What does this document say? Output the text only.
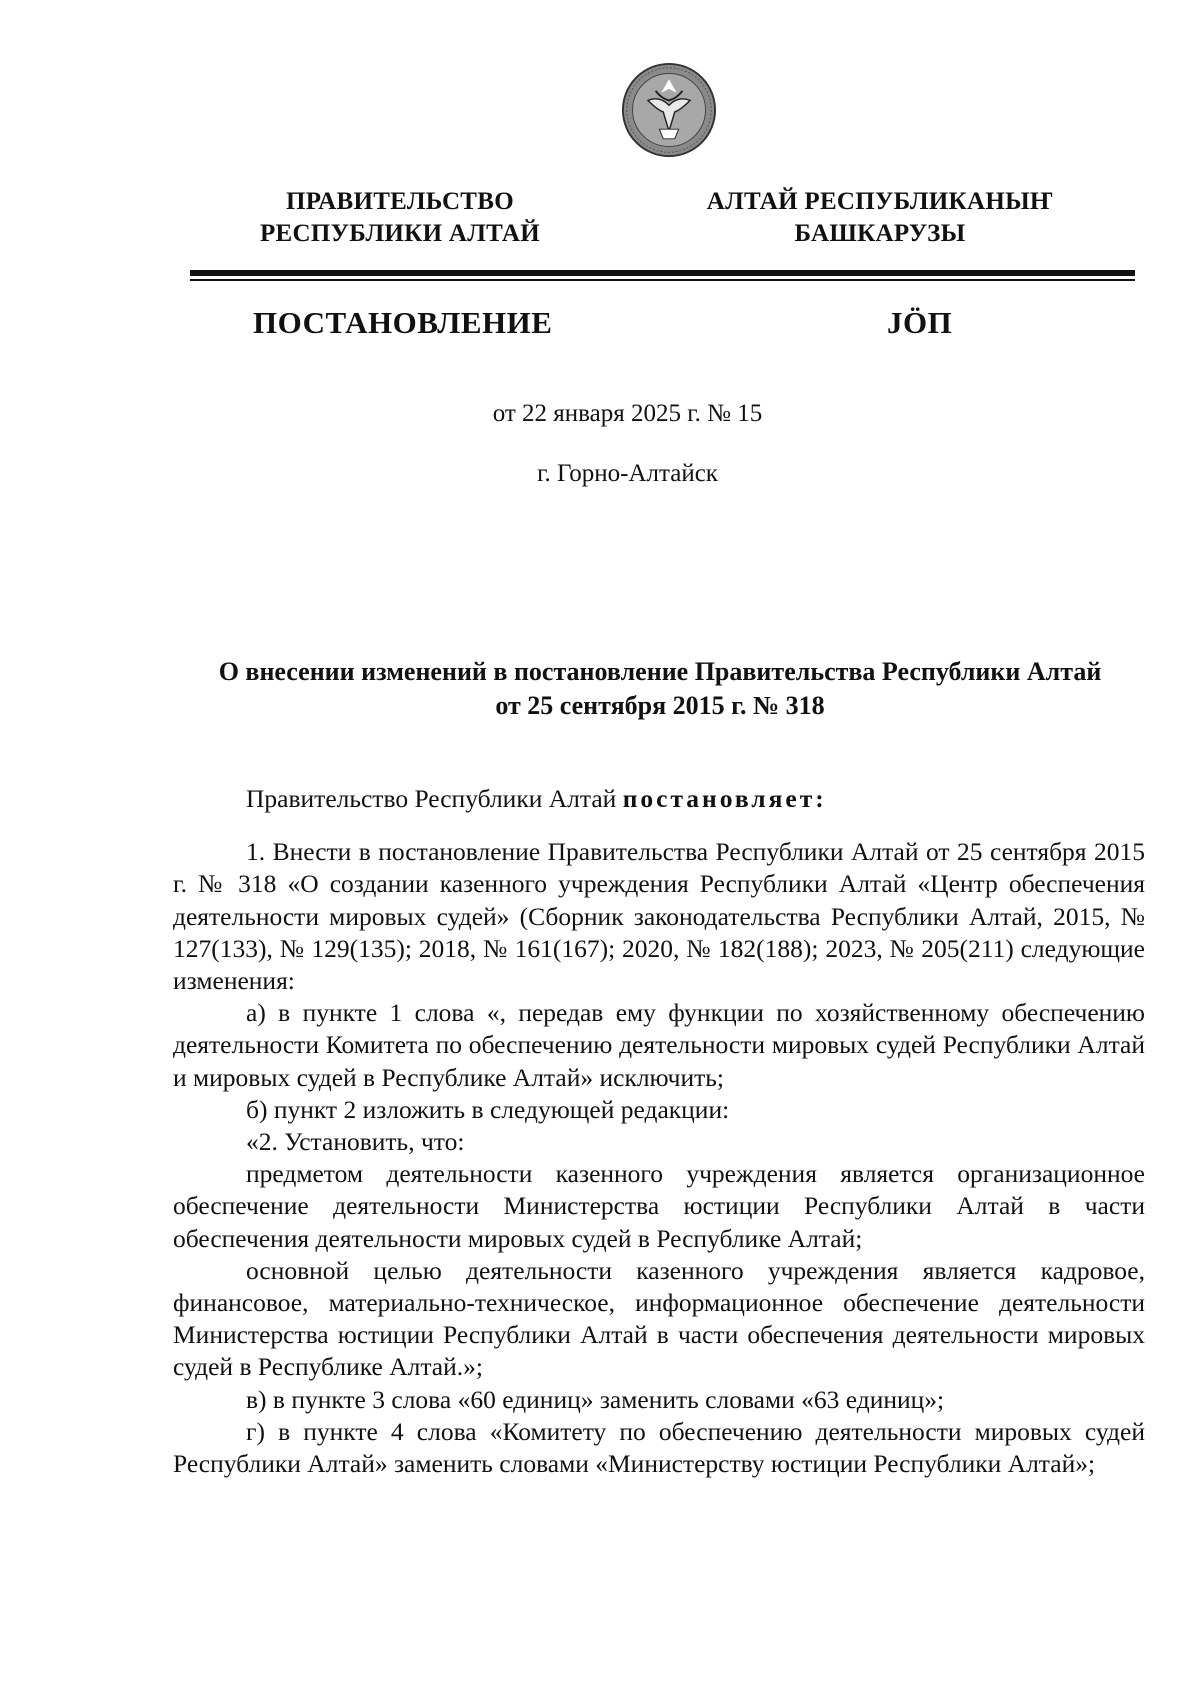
ПРАВИТЕЛЬСТВО
РЕСПУБЛИКИ АЛТАЙ
АЛТАЙ РЕСПУБЛИКАНЫҤ
БАШКАРУЗЫ
ПОСТАНОВЛЕНИЕ	JÖП
от 22 января 2025 г. № 15
г. Горно-Алтайск
О внесении изменений в постановление Правительства Республики Алтай
от 25 сентября 2015 г. № 318

Правительство Республики Алтай постановляет:

1. Внести в постановление Правительства Республики Алтай от 25 сентября 2015 г. № 318 «О создании казенного учреждения Республики Алтай «Центр обеспечения деятельности мировых судей» (Сборник законодательства Республики Алтай, 2015, № 127(133), № 129(135); 2018, № 161(167); 2020, № 182(188); 2023, № 205(211) следующие изменения:

а) в пункте 1 слова «, передав ему функции по хозяйственному обеспечению деятельности Комитета по обеспечению деятельности мировых судей Республики Алтай и мировых судей в Республике Алтай» исключить;

б) пункт 2 изложить в следующей редакции:

«2. Установить, что:

предметом деятельности казенного учреждения является организационное обеспечение деятельности Министерства юстиции Республики Алтай в части обеспечения деятельности мировых судей в Республике Алтай;

основной целью деятельности казенного учреждения является кадровое, финансовое, материально-техническое, информационное обеспечение деятельности Министерства юстиции Республики Алтай в части обеспечения деятельности мировых судей в Республике Алтай.»;

в) в пункте 3 слова «60 единиц» заменить словами «63 единиц»;

г) в пункте 4 слова «Комитету по обеспечению деятельности мировых судей Республики Алтай» заменить словами «Министерству юстиции Республики Алтай»;
